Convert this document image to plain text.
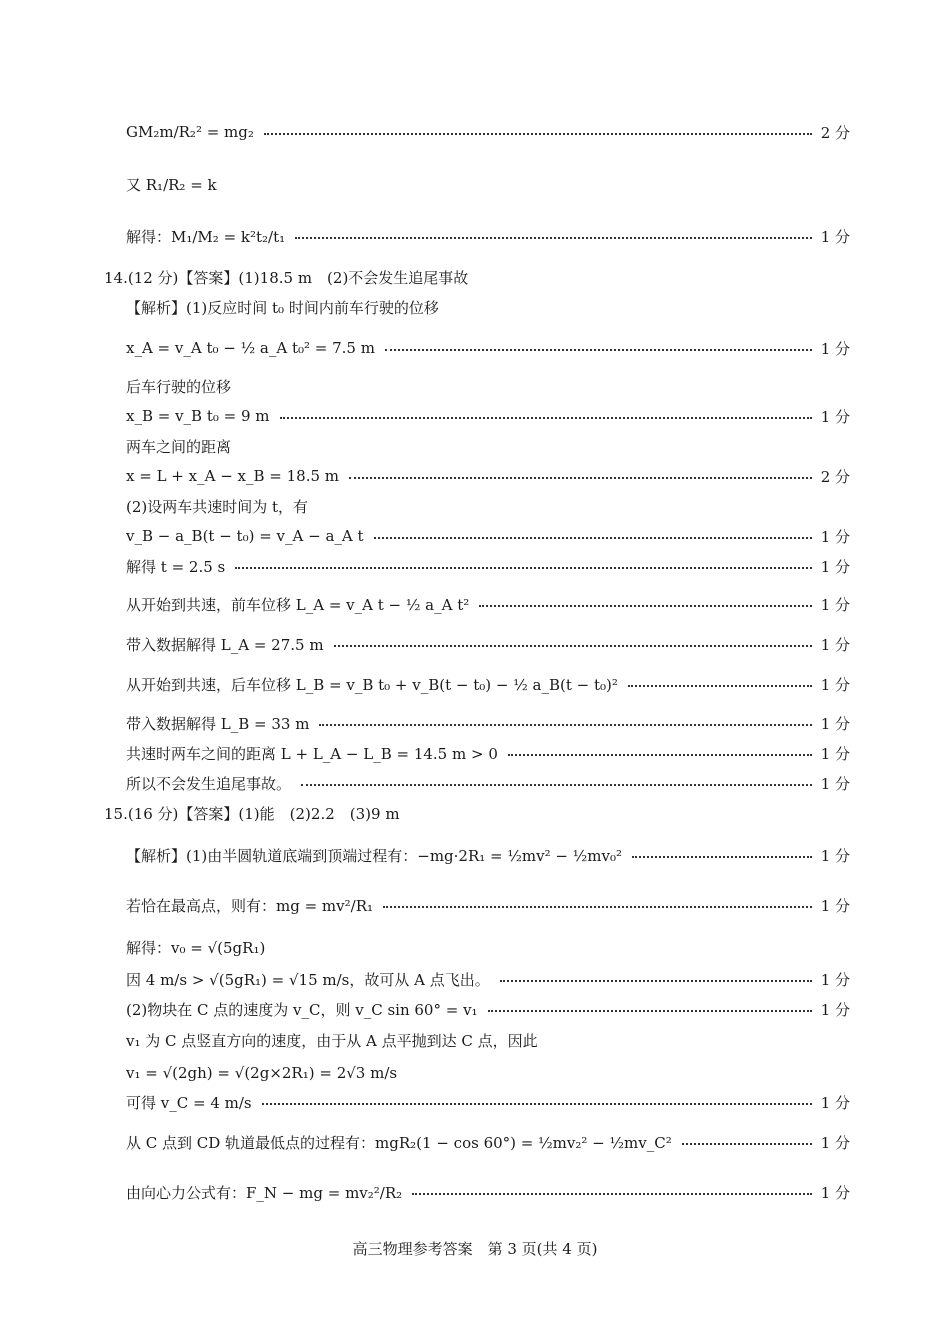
GM₂m/R₂² = mg₂	2 分
又 R₁/R₂ = k
解得：M₁/M₂ = k²t₂/t₁	1 分
14.(12 分)【答案】(1)18.5 m　(2)不会发生追尾事故
【解析】(1)反应时间 t₀ 时间内前车行驶的位移
x_A = v_A t₀ − ½ a_A t₀² = 7.5 m	1 分
后车行驶的位移
x_B = v_B t₀ = 9 m	1 分
两车之间的距离
x = L + x_A − x_B = 18.5 m	2 分
(2)设两车共速时间为 t，有
v_B − a_B(t − t₀) = v_A − a_A t	1 分
解得 t = 2.5 s	1 分
从开始到共速，前车位移 L_A = v_A t − ½ a_A t²	1 分
带入数据解得 L_A = 27.5 m	1 分
从开始到共速，后车位移 L_B = v_B t₀ + v_B(t − t₀) − ½ a_B(t − t₀)²	1 分
带入数据解得 L_B = 33 m	1 分
共速时两车之间的距离 L + L_A − L_B = 14.5 m > 0	1 分
所以不会发生追尾事故。	1 分
15.(16 分)【答案】(1)能　(2)2.2　(3)9 m
【解析】(1)由半圆轨道底端到顶端过程有：−mg·2R₁ = ½mv² − ½mv₀²	1 分
若恰在最高点，则有：mg = mv²/R₁	1 分
解得：v₀ = √(5gR₁)
因 4 m/s > √(5gR₁) = √15 m/s，故可从 A 点飞出。	1 分
(2)物块在 C 点的速度为 v_C，则 v_C sin 60° = v₁	1 分
v₁ 为 C 点竖直方向的速度，由于从 A 点平抛到达 C 点，因此
v₁ = √(2gh) = √(2g×2R₁) = 2√3 m/s
可得 v_C = 4 m/s	1 分
从 C 点到 CD 轨道最低点的过程有：mgR₂(1 − cos 60°) = ½mv₂² − ½mv_C²	1 分
由向心力公式有：F_N − mg = mv₂²/R₂	1 分
高三物理参考答案　第 3 页(共 4 页)
